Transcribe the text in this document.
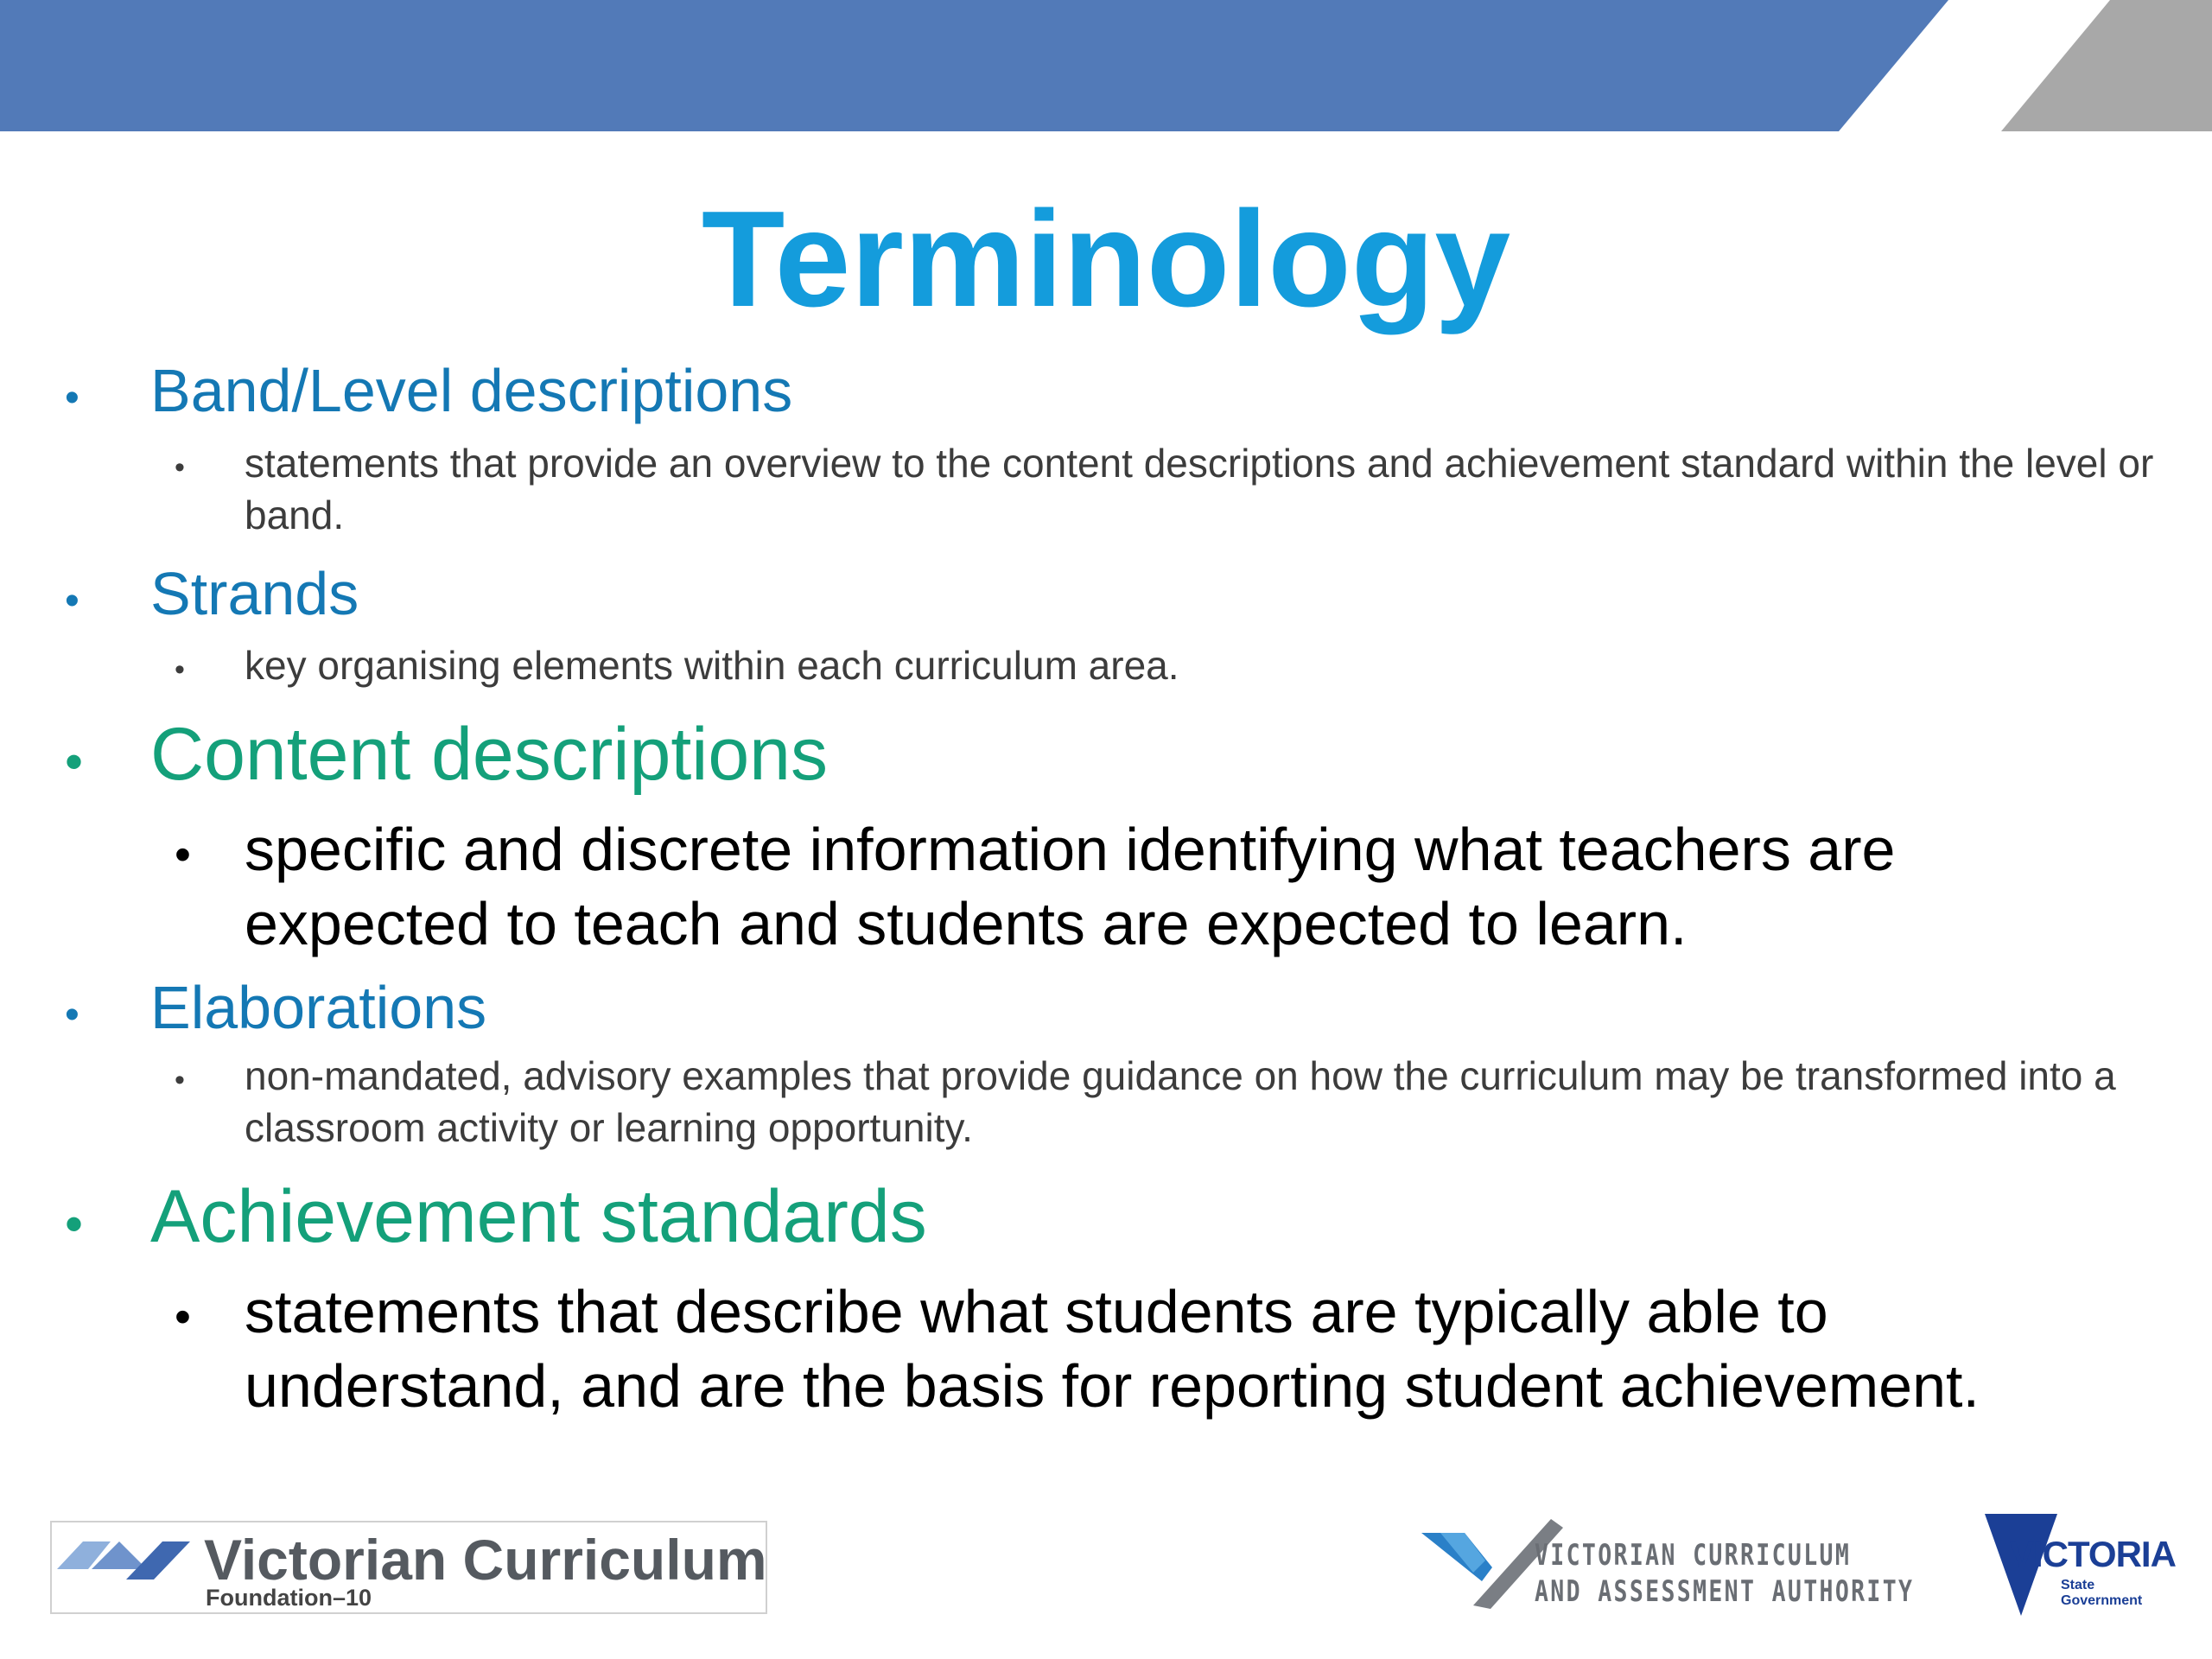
Terminology
•	Band/Level descriptions
•	statements that provide an overview to the content descriptions and achievement standard within the level or band.
•	Strands
•	key organising elements within each curriculum area.
• Content descriptions
• specific and discrete information identifying what teachers are expected to teach and students are expected to learn.
•	Elaborations
•	non-mandated, advisory examples that provide guidance on how the curriculum may be transformed into a classroom activity or learning opportunity.
• Achievement standards
• statements that describe what students are typically able to understand, and are the basis for reporting student achievement.
Victorian Curriculum
Foundation–10
VICTORIAN CURRICULUM
AND ASSESSMENT AUTHORITY
VICTORIA
State
Government
